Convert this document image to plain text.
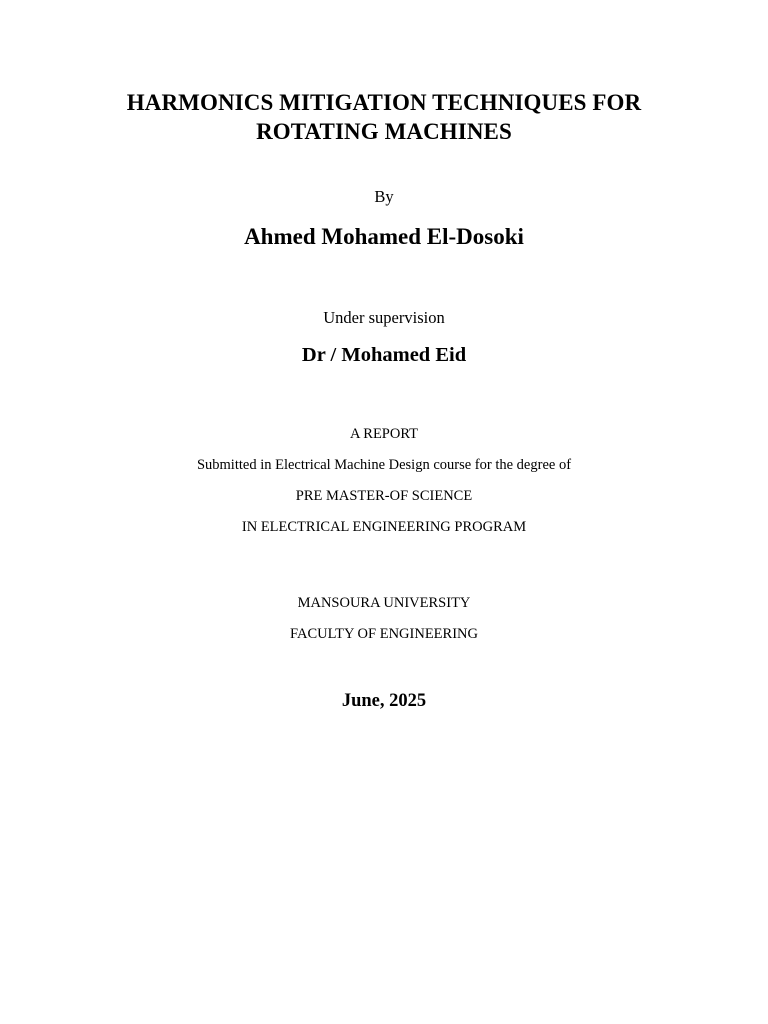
HARMONICS MITIGATION TECHNIQUES FOR
ROTATING MACHINES
By
Ahmed Mohamed El-Dosoki
Under supervision
Dr / Mohamed Eid
A REPORT
Submitted in Electrical Machine Design course for the degree of
PRE MASTER-OF SCIENCE
IN ELECTRICAL ENGINEERING PROGRAM
MANSOURA UNIVERSITY
FACULTY OF ENGINEERING
June, 2025
